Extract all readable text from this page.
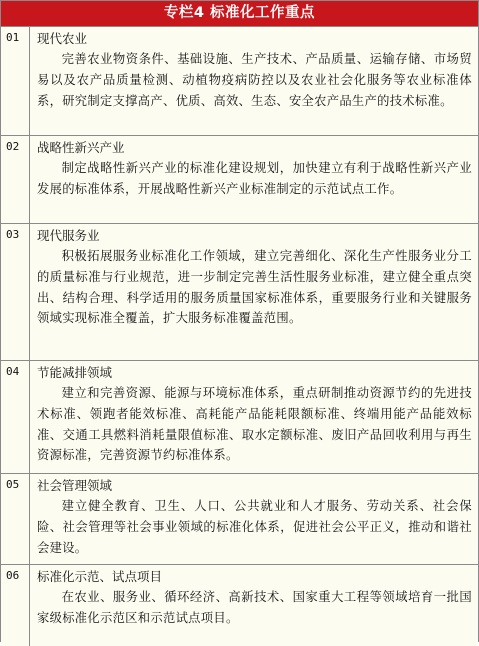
专栏4 标准化工作重点
01	现代农业
完善农业物资条件、基础设施、生产技术、产品质量、运输存储、市场贸易以及农产品质量检测、动植物疫病防控以及农业社会化服务等农业标准体系，研究制定支撑高产、优质、高效、生态、安全农产品生产的技术标准。
02	战略性新兴产业
制定战略性新兴产业的标准化建设规划，加快建立有利于战略性新兴产业发展的标准体系，开展战略性新兴产业标准制定的示范试点工作。
03	现代服务业
积极拓展服务业标准化工作领域，建立完善细化、深化生产性服务业分工的质量标准与行业规范，进一步制定完善生活性服务业标准，建立健全重点突出、结构合理、科学适用的服务质量国家标准体系，重要服务行业和关键服务领域实现标准全覆盖，扩大服务标准覆盖范围。
04	节能减排领域
建立和完善资源、能源与环境标准体系，重点研制推动资源节约的先进技术标准、领跑者能效标准、高耗能产品能耗限额标准、终端用能产品能效标准、交通工具燃料消耗量限值标准、取水定额标准、废旧产品回收利用与再生资源标准，完善资源节约标准体系。
05	社会管理领域
建立健全教育、卫生、人口、公共就业和人才服务、劳动关系、社会保险、社会管理等社会事业领域的标准化体系，促进社会公平正义，推动和谐社会建设。
06	标准化示范、试点项目
在农业、服务业、循环经济、高新技术、国家重大工程等领域培育一批国家级标准化示范区和示范试点项目。
